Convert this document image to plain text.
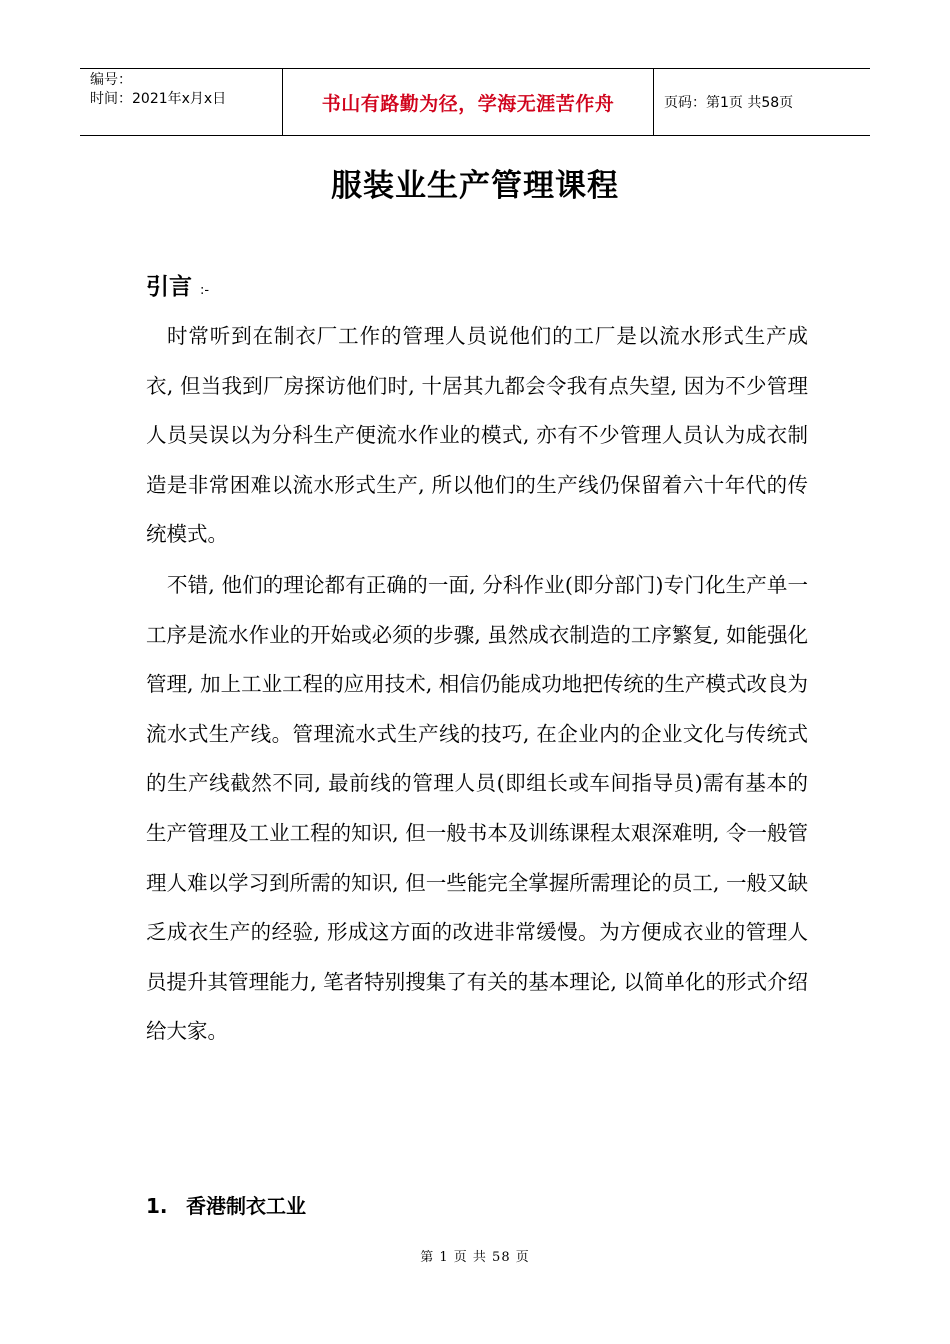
编号：
时间：2021年x月x日	书山有路勤为径，学海无涯苦作舟	页码：第1页 共58页
服装业生产管理课程
引言 :-

时常听到在制衣厂工作的管理人员说他们的工厂是以流水形式生产成衣, 但当我到厂房探访他们时, 十居其九都会令我有点失望, 因为不少管理人员吴误以为分科生产便流水作业的模式, 亦有不少管理人员认为成衣制造是非常困难以流水形式生产, 所以他们的生产线仍保留着六十年代的传统模式。

不错, 他们的理论都有正确的一面, 分科作业(即分部门)专门化生产单一工序是流水作业的开始或必须的步骤, 虽然成衣制造的工序繁复, 如能强化管理, 加上工业工程的应用技术, 相信仍能成功地把传统的生产模式改良为流水式生产线。管理流水式生产线的技巧, 在企业内的企业文化与传统式的生产线截然不同, 最前线的管理人员(即组长或车间指导员)需有基本的生产管理及工业工程的知识, 但一般书本及训练课程太艰深难明, 令一般管理人难以学习到所需的知识, 但一些能完全掌握所需理论的员工, 一般又缺乏成衣生产的经验, 形成这方面的改进非常缓慢。为方便成衣业的管理人员提升其管理能力, 笔者特别搜集了有关的基本理论, 以简单化的形式介绍给大家。

1. 香港制衣工业
第 1 页 共 58 页
